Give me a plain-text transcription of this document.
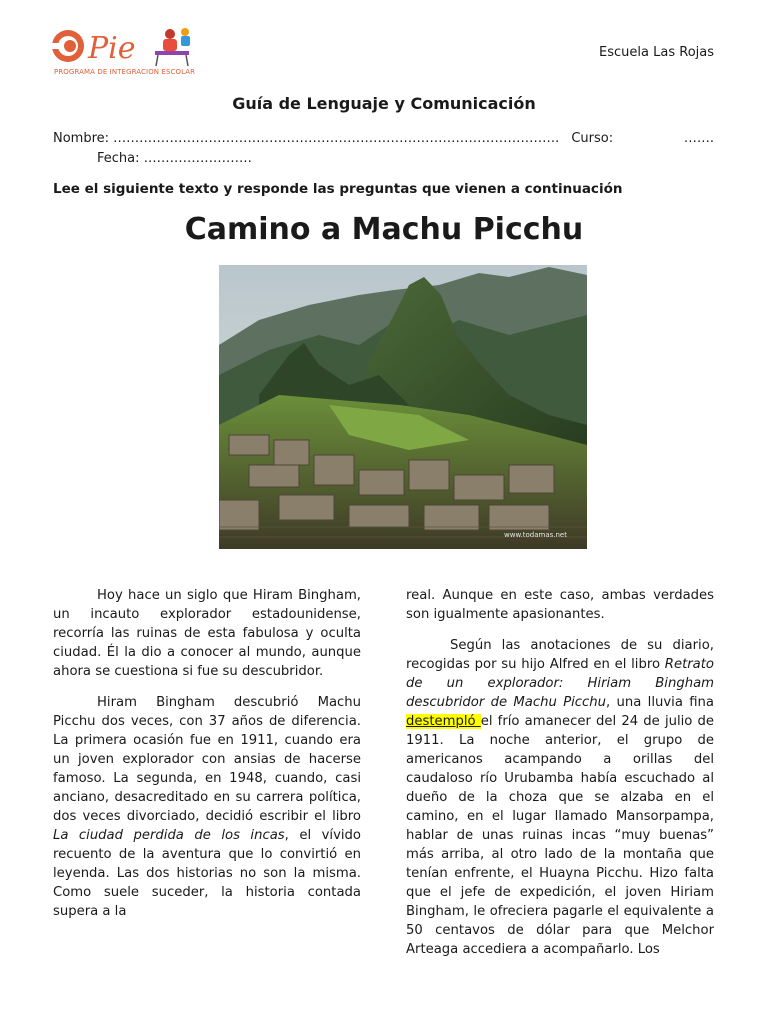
Pie
PROGRAMA DE INTEGRACION ESCOLAR
Escuela Las Rojas
Guía de Lenguaje y Comunicación
Nombre:
…………………………………………………………………………………………. Curso:	…….
Fecha: …………………….
Lee el siguiente texto y responde las preguntas que vienen a continuación
Camino a Machu Picchu
www.todamas.net

Hoy hace un siglo que Hiram Bingham, un incauto explorador estadounidense, recorría las ruinas de esta fabulosa y oculta ciudad. Él la dio a conocer al mundo, aunque ahora se cuestiona si fue su descubridor.

Hiram Bingham descubrió Machu Picchu dos veces, con 37 años de diferencia. La primera ocasión fue en 1911, cuando era un joven explorador con ansias de hacerse famoso. La segunda, en 1948, cuando, casi anciano, desacreditado en su carrera política, dos veces divorciado, decidió escribir el libro La ciudad perdida de los incas, el vívido recuento de la aventura que lo convirtió en leyenda. Las dos historias no son la misma. Como suele suceder, la historia contada supera a la

real. Aunque en este caso, ambas verdades son igualmente apasionantes.

Según las anotaciones de su diario, recogidas por su hijo Alfred en el libro Retrato de un explorador: Hiriam Bingham descubridor de Machu Picchu, una lluvia fina destempló el frío amanecer del 24 de julio de 1911. La noche anterior, el grupo de americanos acampando a orillas del caudaloso río Urubamba había escuchado al dueño de la choza que se alzaba en el camino, en el lugar llamado Mansorpampa, hablar de unas ruinas incas “muy buenas” más arriba, al otro lado de la montaña que tenían enfrente, el Huayna Picchu. Hizo falta que el jefe de expedición, el joven Hiriam Bingham, le ofreciera pagarle el equivalente a 50 centavos de dólar para que Melchor Arteaga accediera a acompañarlo. Los
